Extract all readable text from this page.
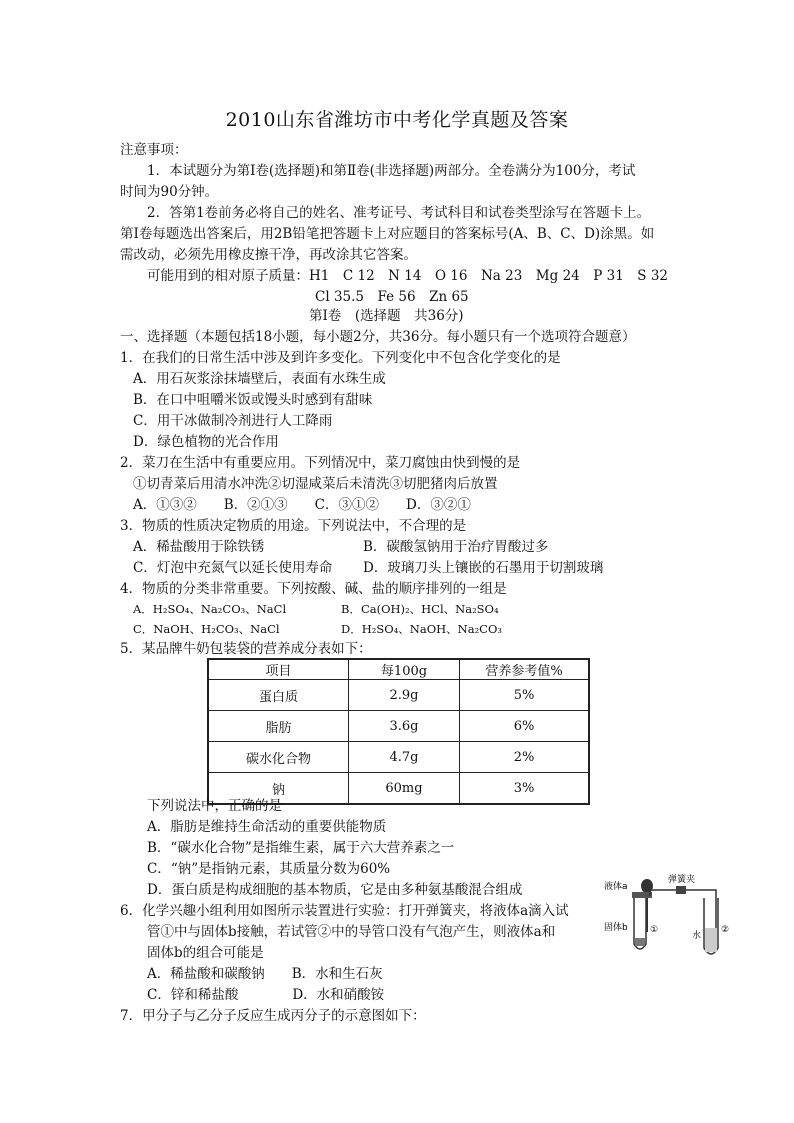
2010山东省潍坊市中考化学真题及答案
注意事项：
1．本试题分为第Ⅰ卷(选择题)和第Ⅱ卷(非选择题)两部分。全卷满分为100分，考试
时间为90分钟。
2．答第1卷前务必将自己的姓名、准考证号、考试科目和试卷类型涂写在答题卡上。
第Ⅰ卷每题选出答案后，用2B铅笔把答题卡上对应题目的答案标号(A、B、C、D)涂黑。如
需改动，必须先用橡皮擦干净，再改涂其它答案。
可能用到的相对原子质量：H1　C 12　N 14　O 16　Na 23　Mg 24　P 31　S 32
Cl 35.5　Fe 56　Zn 65
第Ⅰ卷　(选择题　共36分)
一、选择题（本题包括18小题，每小题2分，共36分。每小题只有一个选项符合题意）
1．在我们的日常生活中涉及到许多变化。下列变化中不包含化学变化的是
A．用石灰浆涂抹墙壁后，表面有水珠生成
B．在口中咀嚼米饭或馒头时感到有甜味
C．用干冰做制冷剂进行人工降雨
D．绿色植物的光合作用
2．菜刀在生活中有重要应用。下列情况中，菜刀腐蚀由快到慢的是
①切青菜后用清水冲洗②切湿咸菜后未清洗③切肥猪肉后放置
A．①③②　　B．②①③　　C．③①②　　D．③②①
3．物质的性质决定物质的用途。下列说法中，不合理的是
A．稀盐酸用于除铁锈	B．碳酸氢钠用于治疗胃酸过多
C．灯泡中充氮气以延长使用寿命 D．玻璃刀头上镶嵌的石墨用于切割玻璃
4．物质的分类非常重要。下列按酸、碱、盐的顺序排列的一组是
A．H₂SO₄、Na₂CO₃、NaCl	B．Ca(OH)₂、HCl、Na₂SO₄
C．NaOH、H₂CO₃、NaCl	D．H₂SO₄、NaOH、Na₂CO₃
5．某品牌牛奶包装袋的营养成分表如下：
项目	每100g	营养参考值%
蛋白质	2.9g	5%
脂肪	3.6g	6%
碳水化合物	4.7g	2%
钠	60mg	3%
下列说法中，正确的是
A．脂肪是维持生命活动的重要供能物质
B．“碳水化合物”是指维生素，属于六大营养素之一
C．“钠”是指钠元素，其质量分数为60%
D．蛋白质是构成细胞的基本物质，它是由多种氨基酸混合组成
6．化学兴趣小组利用如图所示装置进行实验：打开弹簧夹，将液体a滴入试
管①中与固体b接触，若试管②中的导管口没有气泡产生，则液体a和
固体b的组合可能是
A．稀盐酸和碳酸钠　　B．水和生石灰
C．锌和稀盐酸　　　　D．水和硝酸铵
液体a
弹簧夹
固体b
水
①	②
7．甲分子与乙分子反应生成丙分子的示意图如下：
